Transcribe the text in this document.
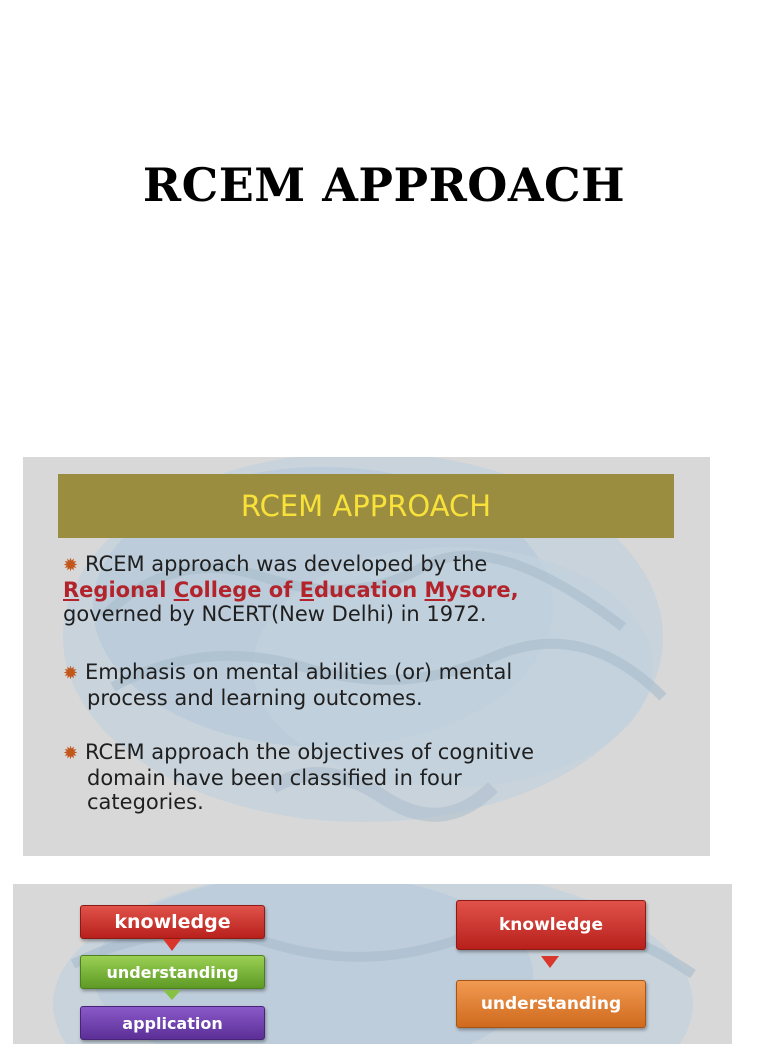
RCEM APPROACH
RCEM APPROACH
✹ RCEM approach was developed by the
Regional College of Education Mysore,
governed by NCERT(New Delhi) in 1972.
✹ Emphasis on mental abilities (or) mental
process and learning outcomes.
✹ RCEM approach the objectives of cognitive
domain have been classified in four
categories.
knowledge
understanding
application
knowledge
understanding
